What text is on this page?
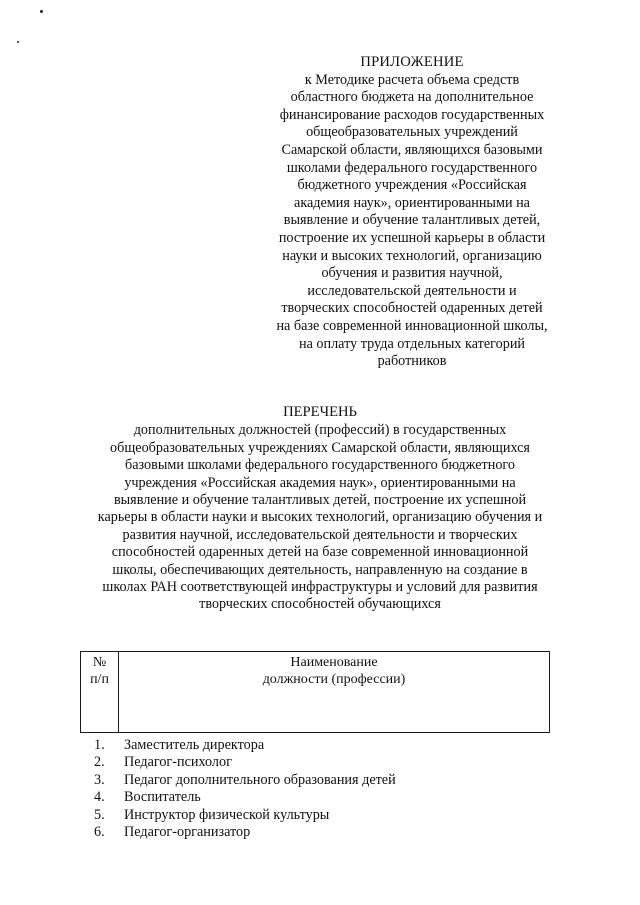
ПРИЛОЖЕНИЕ
к Методике расчета объема средств
областного бюджета на дополнительное
финансирование расходов государственных
общеобразовательных учреждений
Самарской области, являющихся базовыми
школами федерального государственного
бюджетного учреждения «Российская
академия наук», ориентированными на
выявление и обучение талантливых детей,
построение их успешной карьеры в области
науки и высоких технологий, организацию
обучения и развития научной,
исследовательской деятельности и
творческих способностей одаренных детей
на базе современной инновационной школы,
на оплату труда отдельных категорий
работников
ПЕРЕЧЕНЬ
дополнительных должностей (профессий) в государственных
общеобразовательных учреждениях Самарской области, являющихся
базовыми школами федерального государственного бюджетного
учреждения «Российская академия наук», ориентированными на
выявление и обучение талантливых детей, построение их успешной
карьеры в области науки и высоких технологий, организацию обучения и
развития научной, исследовательской деятельности и творческих
способностей одаренных детей на базе современной инновационной
школы, обеспечивающих деятельность, направленную на создание в
школах РАН соответствующей инфраструктуры и условий для развития
творческих способностей обучающихся
№
п/п
Наименование
должности (профессии)
1. Заместитель директора
2. Педагог-психолог
3. Педагог дополнительного образования детей
4. Воспитатель
5. Инструктор физической культуры
6. Педагог-организатор
